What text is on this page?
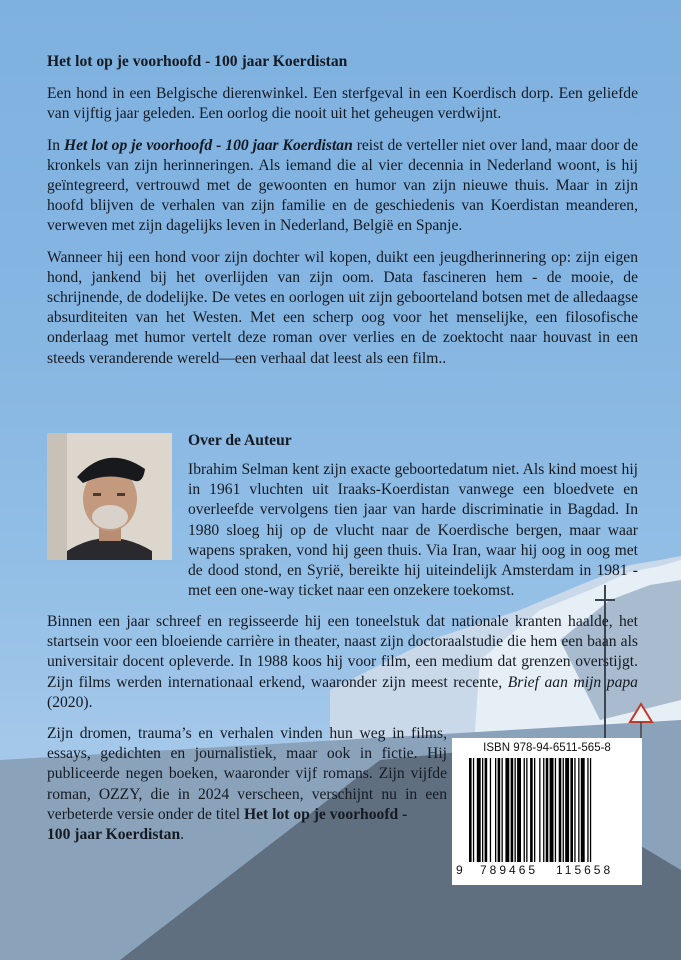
Het lot op je voorhoofd - 100 jaar Koerdistan

Een hond in een Belgische dierenwinkel. Een sterfgeval in een Koerdisch dorp. Een geliefde van vijftig jaar geleden. Een oorlog die nooit uit het geheugen verdwijnt.

In Het lot op je voorhoofd - 100 jaar Koerdistan reist de verteller niet over land, maar door de kronkels van zijn herinneringen. Als iemand die al vier decennia in Nederland woont, is hij geïntegreerd, vertrouwd met de gewoonten en humor van zijn nieuwe thuis. Maar in zijn hoofd blijven de verhalen van zijn familie en de geschiedenis van Koerdistan meanderen, verweven met zijn dagelijks leven in Nederland, België en Spanje.

Wanneer hij een hond voor zijn dochter wil kopen, duikt een jeugdherinnering op: zijn eigen hond, jankend bij het overlijden van zijn oom. Data fascineren hem - de mooie, de schrijnende, de dodelijke. De vetes en oorlogen uit zijn geboorteland botsen met de alledaagse absurditeiten van het Westen. Met een scherp oog voor het menselijke, een filosofische onderlaag met humor vertelt deze roman over verlies en de zoektocht naar houvast in een steeds veranderende wereld—een verhaal dat leest als een film..

Over de Auteur

Ibrahim Selman kent zijn exacte geboortedatum niet. Als kind moest hij in 1961 vluchten uit Iraaks-Koerdistan vanwege een bloedvete en overleefde vervolgens tien jaar van harde discriminatie in Bagdad. In 1980 sloeg hij op de vlucht naar de Koerdische bergen, maar waar wapens spraken, vond hij geen thuis. Via Iran, waar hij oog in oog met de dood stond, en Syrië, bereikte hij uiteindelijk Amsterdam in 1981 - met een one-way ticket naar een onzekere toekomst.

Binnen een jaar schreef en regisseerde hij een toneelstuk dat nationale kranten haalde, het startsein voor een bloeiende carrière in theater, naast zijn doctoraalstudie die hem een baan als universitair docent opleverde. In 1988 koos hij voor film, een medium dat grenzen overstijgt. Zijn films werden internationaal erkend, waaronder zijn meest recente, Brief aan mijn papa (2020).

Zijn dromen, trauma’s en verhalen vinden hun weg in films, essays, gedichten en journalistiek, maar ook in fictie. Hij publiceerde negen boeken, waaronder vijf romans. Zijn vijfde roman, OZZY, die in 2024 verscheen, verschijnt nu in een verbeterde versie onder de titel Het lot op je voorhoofd -
100 jaar Koerdistan.

ISBN 978-94-6511-565-8
9 789465 115658
